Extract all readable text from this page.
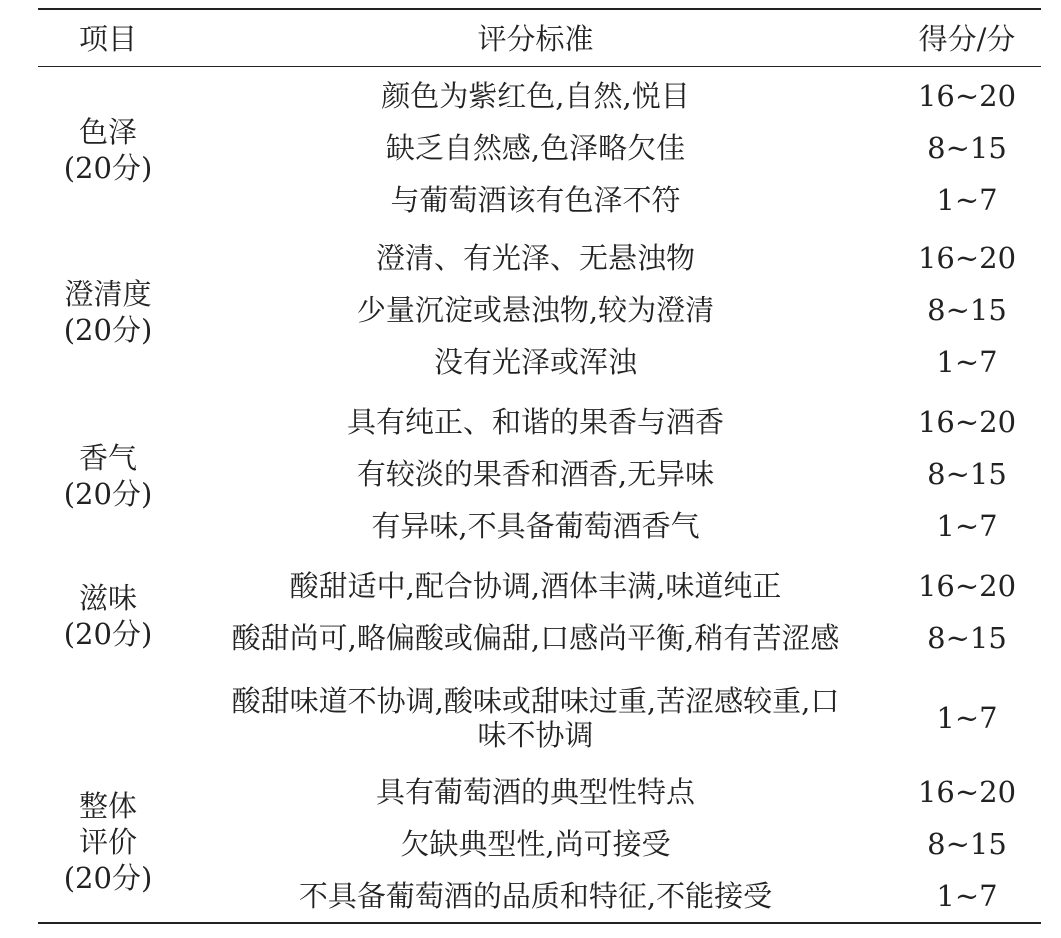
项目	评分标准	得分/分
色泽
(20分)
颜色为紫红色,自然,悦目	16~20
缺乏自然感,色泽略欠佳	8~15
与葡萄酒该有色泽不符	1~7
澄清度
(20分)
澄清、有光泽、无悬浊物	16~20
少量沉淀或悬浊物,较为澄清	8~15
没有光泽或浑浊	1~7
香气
(20分)
具有纯正、和谐的果香与酒香	16~20
有较淡的果香和酒香,无异味	8~15
有异味,不具备葡萄酒香气	1~7
滋味
(20分)
酸甜适中,配合协调,酒体丰满,味道纯正	16~20
酸甜尚可,略偏酸或偏甜,口感尚平衡,稍有苦涩感	8~15
酸甜味道不协调,酸味或甜味过重,苦涩感较重,口味不协调	1~7
整体
评价
(20分)
具有葡萄酒的典型性特点	16~20
欠缺典型性,尚可接受	8~15
不具备葡萄酒的品质和特征,不能接受	1~7
